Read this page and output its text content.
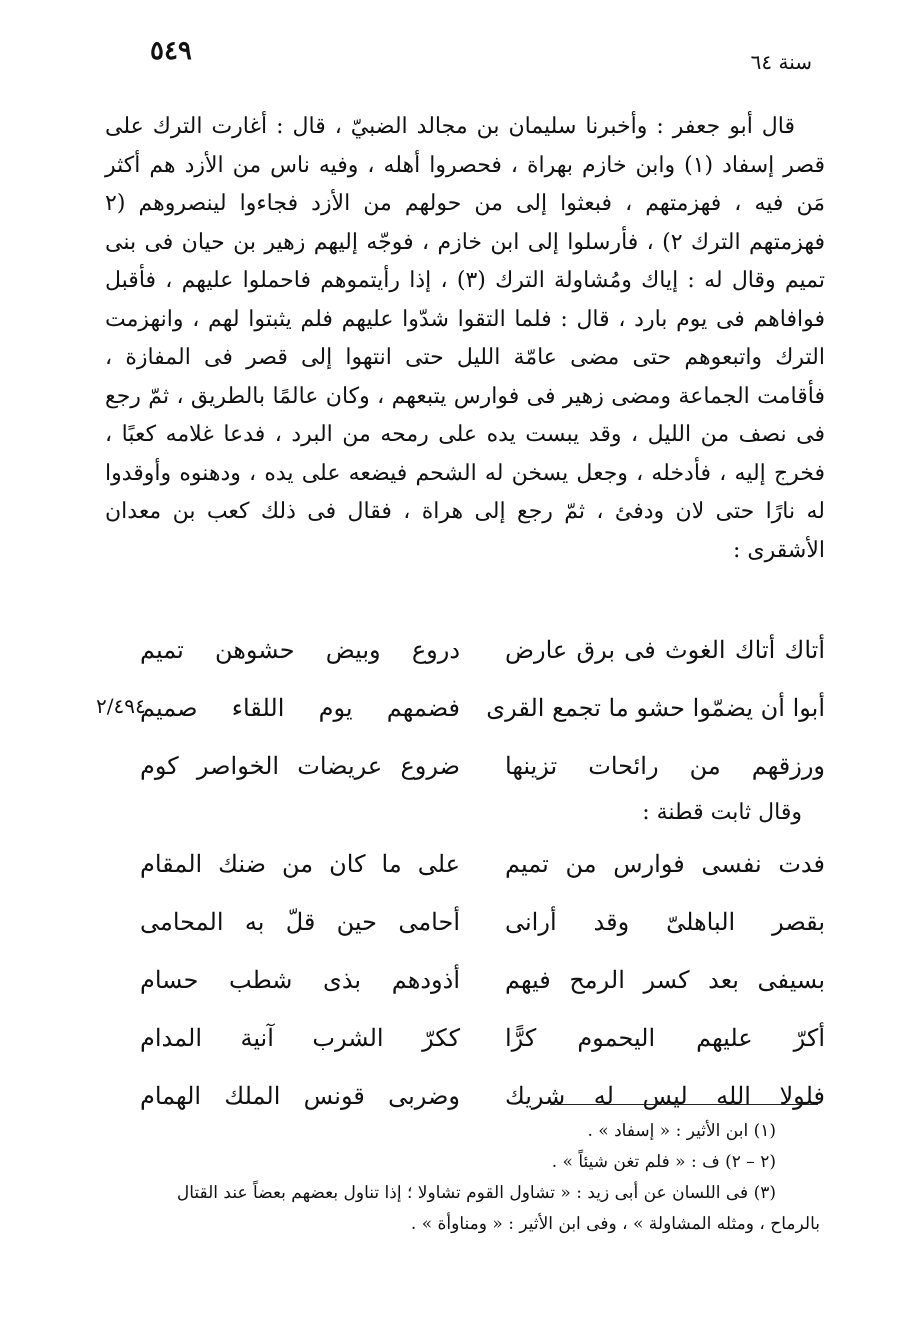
٥٤٩	سنة ٦٤

قال أبو جعفر : وأخبرنا سليمان بن مجالد الضبيّ ، قال : أغارت الترك على قصر إسفاد (١) وابن خازم بهراة ، فحصروا أهله ، وفيه ناس من الأزد هم أكثر مَن فيه ، فهزمتهم ، فبعثوا إلى من حولهم من الأزد فجاءوا لينصروهم (٢ فهزمتهم الترك ٢) ، فأرسلوا إلى ابن خازم ، فوجّه إليهم زهير بن حيان فى بنى تميم وقال له : إياك ومُشاولة الترك (٣) ، إذا رأيتموهم فاحملوا عليهم ، فأقبل فوافاهم فى يوم بارد ، قال : فلما التقوا شدّوا عليهم فلم يثبتوا لهم ، وانهزمت الترك واتبعوهم حتى مضى عامّة الليل حتى انتهوا إلى قصر فى المفازة ، فأقامت الجماعة ومضى زهير فى فوارس يتبعهم ، وكان عالمًا بالطريق ، ثمّ رجع فى نصف من الليل ، وقد يبست يده على رمحه من البرد ، فدعا غلامه كعبًا ، فخرج إليه ، فأدخله ، وجعل يسخن له الشحم فيضعه على يده ، ودهنوه وأوقدوا له نارًا حتى لان ودفئ ، ثمّ رجع إلى هراة ، فقال فى ذلك كعب بن معدان الأشقرى :

أتاك أتاك الغوث فى برق عارض
دروع وبيض حشوهن تميم
أبوا أن يضمّوا حشو ما تجمع القرى
فضمهم يوم اللقاء صميم
٢/٤٩٤
ورزقهم من رائحات تزينها
ضروع عريضات الخواصر كوم
وقال ثابت قطنة :
فدت نفسى فوارس من تميم
على ما كان من ضنك المقام
بقصر الباهلىّ وقد أرانى
أحامى حين قلّ به المحامى
بسيفى بعد كسر الرمح فيهم
أذودهم بذى شطب حسام
أكرّ عليهم اليحموم كرًّا
ككرّ الشرب آنية المدام
فلولا الله ليس له شريك
وضربى قونس الملك الهمام
(١) ابن الأثير : « إسفاد » .
(٢ – ٢) ف : « فلم تغن شيئاً » .
(٣) فى اللسان عن أبى زيد : « تشاول القوم تشاولا ؛ إذا تناول بعضهم بعضاً عند القتال
بالرماح ، ومثله المشاولة » ، وفى ابن الأثير : « ومناوأة » .
